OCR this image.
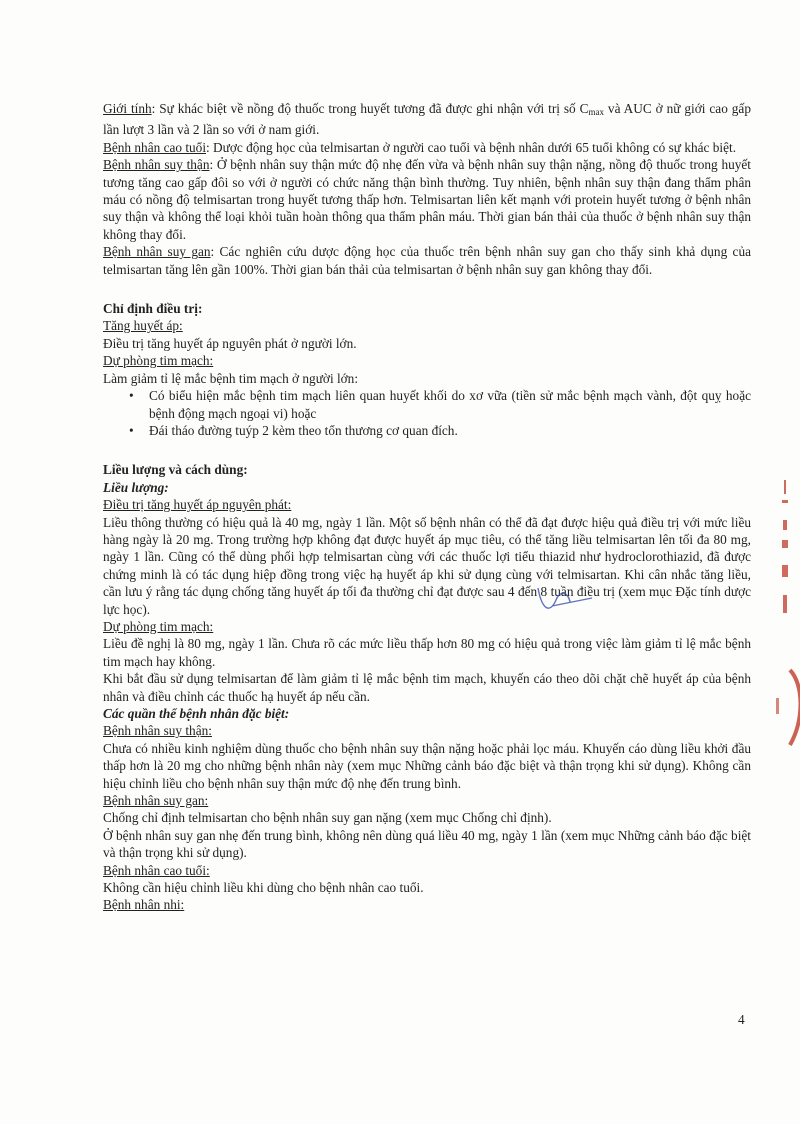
Giới tính: Sự khác biệt về nồng độ thuốc trong huyết tương đã được ghi nhận với trị số $C_{max}$ và AUC ở nữ giới cao gấp lần lượt 3 lần và 2 lần so với ở nam giới.

Bệnh nhân cao tuổi: Dược động học của telmisartan ở người cao tuổi và bệnh nhân dưới 65 tuổi không có sự khác biệt.

Bệnh nhân suy thận: Ở bệnh nhân suy thận mức độ nhẹ đến vừa và bệnh nhân suy thận nặng, nồng độ thuốc trong huyết tương tăng cao gấp đôi so với ở người có chức năng thận bình thường. Tuy nhiên, bệnh nhân suy thận đang thẩm phân máu có nồng độ telmisartan trong huyết tương thấp hơn. Telmisartan liên kết mạnh với protein huyết tương ở bệnh nhân suy thận và không thể loại khỏi tuần hoàn thông qua thẩm phân máu. Thời gian bán thải của thuốc ở bệnh nhân suy thận không thay đổi.

Bệnh nhân suy gan: Các nghiên cứu dược động học của thuốc trên bệnh nhân suy gan cho thấy sinh khả dụng của telmisartan tăng lên gần 100%. Thời gian bán thải của telmisartan ở bệnh nhân suy gan không thay đổi.

Chỉ định điều trị:

Tăng huyết áp:

Điều trị tăng huyết áp nguyên phát ở người lớn.

Dự phòng tim mạch:

Làm giảm tỉ lệ mắc bệnh tim mạch ở người lớn:

• Có biểu hiện mắc bệnh tim mạch liên quan huyết khối do xơ vữa (tiền sử mắc bệnh mạch vành, đột quỵ hoặc bệnh động mạch ngoại vi) hoặc
• Đái tháo đường tuýp 2 kèm theo tổn thương cơ quan đích.

Liều lượng và cách dùng:

Liều lượng:

Điều trị tăng huyết áp nguyên phát:

Liều thông thường có hiệu quả là 40 mg, ngày 1 lần. Một số bệnh nhân có thể đã đạt được hiệu quả điều trị với mức liều hàng ngày là 20 mg. Trong trường hợp không đạt được huyết áp mục tiêu, có thể tăng liều telmisartan lên tối đa 80 mg, ngày 1 lần. Cũng có thể dùng phối hợp telmisartan cùng với các thuốc lợi tiểu thiazid như hydroclorothiazid, đã được chứng minh là có tác dụng hiệp đồng trong việc hạ huyết áp khi sử dụng cùng với telmisartan. Khi cân nhắc tăng liều, cần lưu ý rằng tác dụng chống tăng huyết áp tối đa thường chỉ đạt được sau 4 đến 8 tuần điều trị (xem mục Đặc tính dược lực học).

Dự phòng tim mạch:

Liều đề nghị là 80 mg, ngày 1 lần. Chưa rõ các mức liều thấp hơn 80 mg có hiệu quả trong việc làm giảm tỉ lệ mắc bệnh tim mạch hay không.

Khi bắt đầu sử dụng telmisartan để làm giảm tỉ lệ mắc bệnh tim mạch, khuyến cáo theo dõi chặt chẽ huyết áp của bệnh nhân và điều chỉnh các thuốc hạ huyết áp nếu cần.

Các quần thể bệnh nhân đặc biệt:

Bệnh nhân suy thận:

Chưa có nhiều kinh nghiệm dùng thuốc cho bệnh nhân suy thận nặng hoặc phải lọc máu. Khuyến cáo dùng liều khởi đầu thấp hơn là 20 mg cho những bệnh nhân này (xem mục Những cảnh báo đặc biệt và thận trọng khi sử dụng). Không cần hiệu chỉnh liều cho bệnh nhân suy thận mức độ nhẹ đến trung bình.

Bệnh nhân suy gan:

Chống chỉ định telmisartan cho bệnh nhân suy gan nặng (xem mục Chống chỉ định).

Ở bệnh nhân suy gan nhẹ đến trung bình, không nên dùng quá liều 40 mg, ngày 1 lần (xem mục Những cảnh báo đặc biệt và thận trọng khi sử dụng).

Bệnh nhân cao tuổi:

Không cần hiệu chỉnh liều khi dùng cho bệnh nhân cao tuổi.

Bệnh nhân nhi:

4
